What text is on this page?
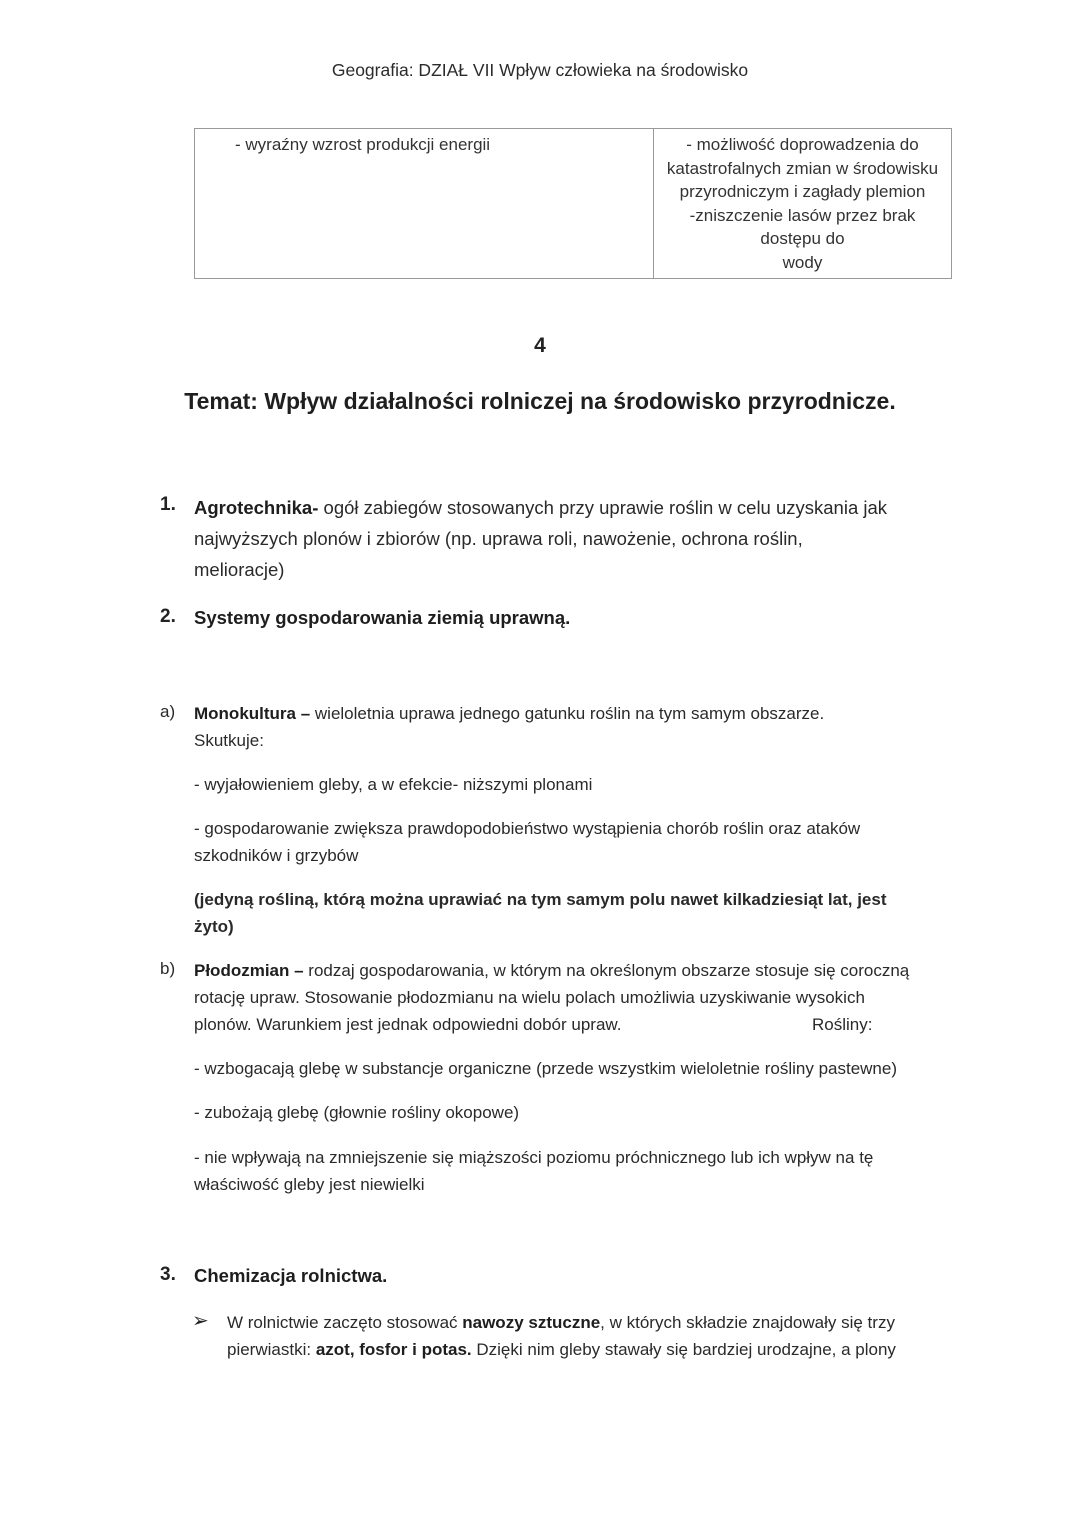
Geografia: DZIAŁ VII Wpływ człowieka na środowisko
- wyraźny wzrost produkcji energii	- możliwość doprowadzenia do
katastrofalnych zmian w środowisku
przyrodniczym i zagłady plemion
-zniszczenie lasów przez brak dostępu do
wody
4
Temat: Wpływ działalności rolniczej na środowisko przyrodnicze.
1. Agrotechnika- ogół zabiegów stosowanych przy uprawie roślin w celu uzyskania jak
najwyższych plonów i zbiorów (np. uprawa roli, nawożenie, ochrona roślin,
melioracje)
2. Systemy gospodarowania ziemią uprawną.
a) Monokultura – wieloletnia uprawa jednego gatunku roślin na tym samym obszarze.
Skutkuje:
- wyjałowieniem gleby, a w efekcie- niższymi plonami
- gospodarowanie zwiększa prawdopodobieństwo wystąpienia chorób roślin oraz ataków
szkodników i grzybów
(jedyną rośliną, którą można uprawiać na tym samym polu nawet kilkadziesiąt lat, jest
żyto)
b) Płodozmian – rodzaj gospodarowania, w którym na określonym obszarze stosuje się coroczną
rotację upraw. Stosowanie płodozmianu na wielu polach umożliwia uzyskiwanie wysokich
plonów. Warunkiem jest jednak odpowiedni dobór upraw.	Rośliny:
- wzbogacają glebę w substancje organiczne (przede wszystkim wieloletnie rośliny pastewne)
- zubożają glebę (głownie rośliny okopowe)
- nie wpływają na zmniejszenie się miąższości poziomu próchnicznego lub ich wpływ na tę
właściwość gleby jest niewielki
3. Chemizacja rolnictwa.
➢ W rolnictwie zaczęto stosować nawozy sztuczne, w których składzie znajdowały się trzy
pierwiastki: azot, fosfor i potas. Dzięki nim gleby stawały się bardziej urodzajne, a plony
